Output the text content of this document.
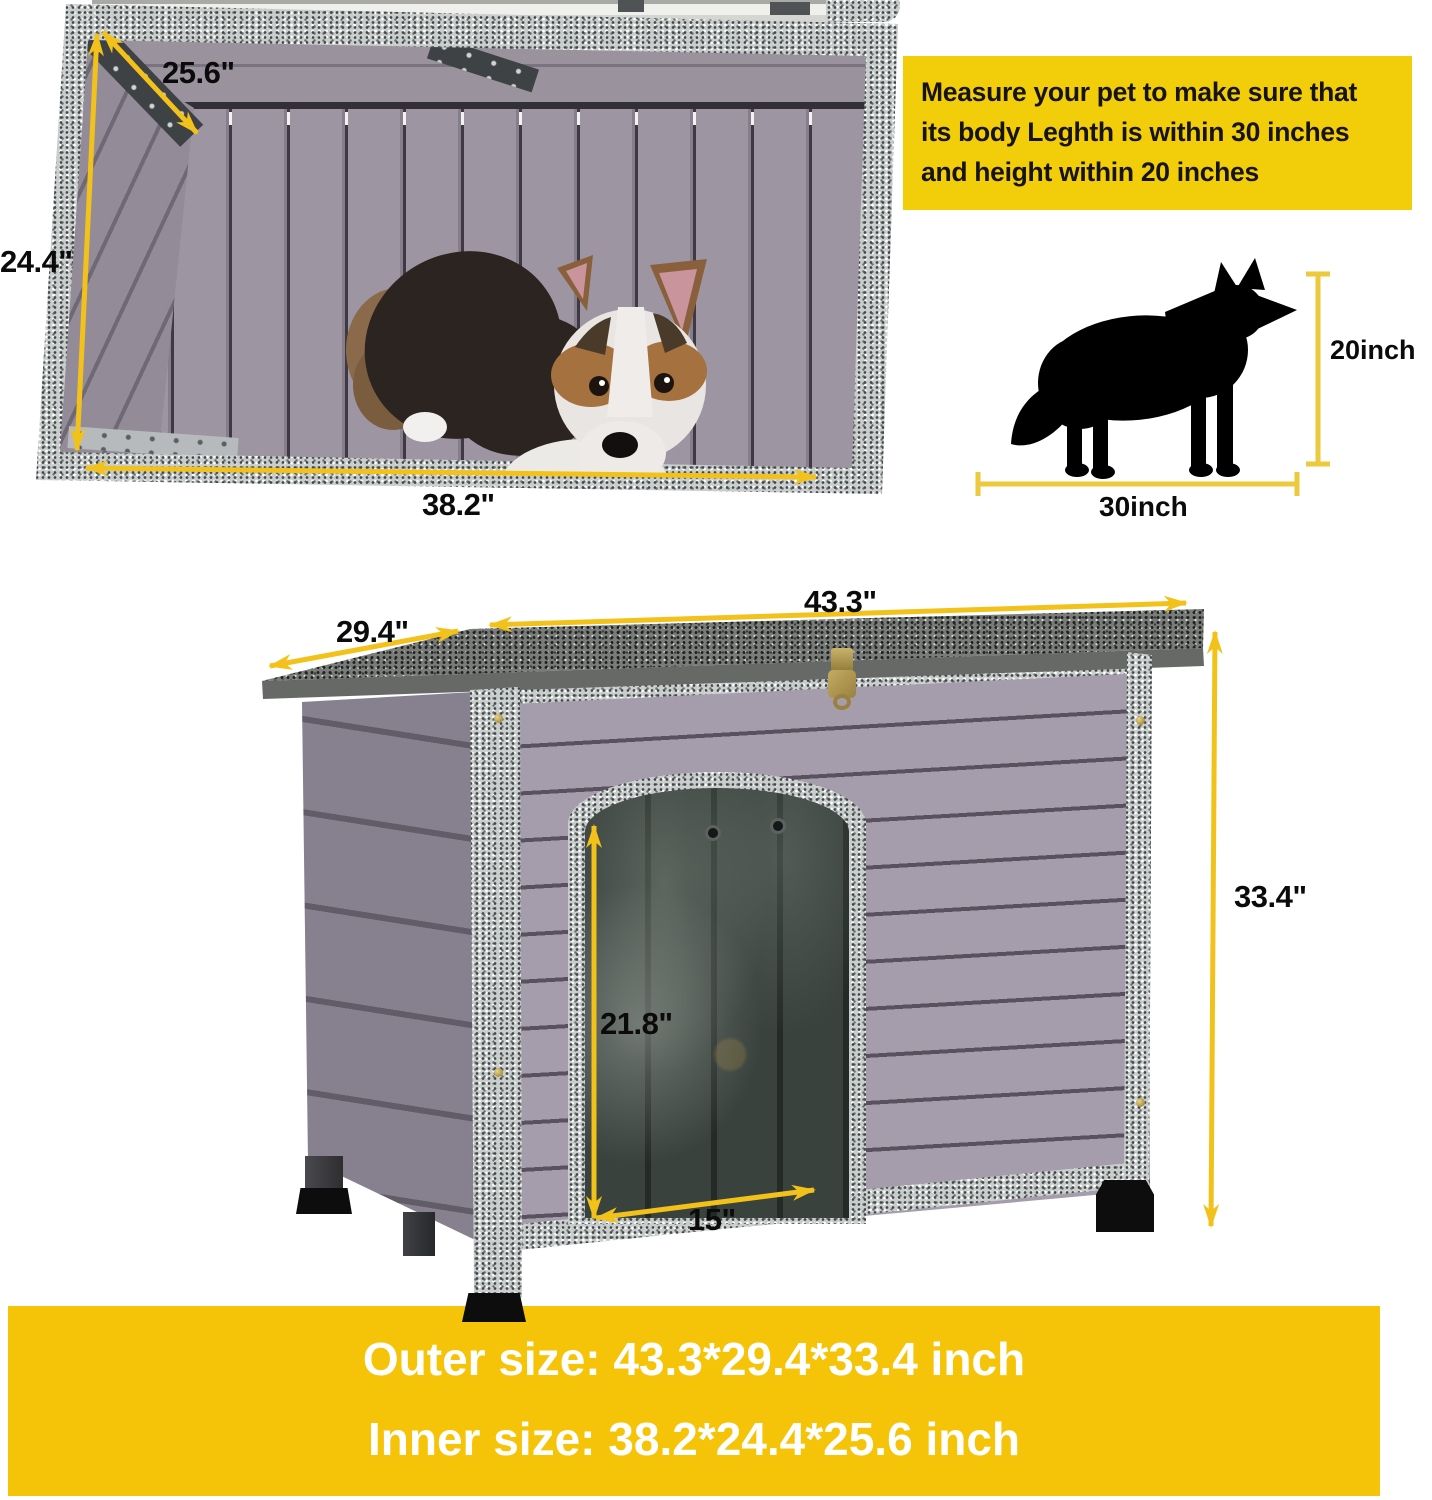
Outer size: 43.3*29.4*33.4 inch
Inner size: 38.2*24.4*25.6 inch
Measure your pet to make sure that
its body Leghth is within 30 inches
and height within 20 inches
25.6"
24.4"
38.2"
29.4"
43.3"
33.4"
21.8"
15"
20inch
30inch
